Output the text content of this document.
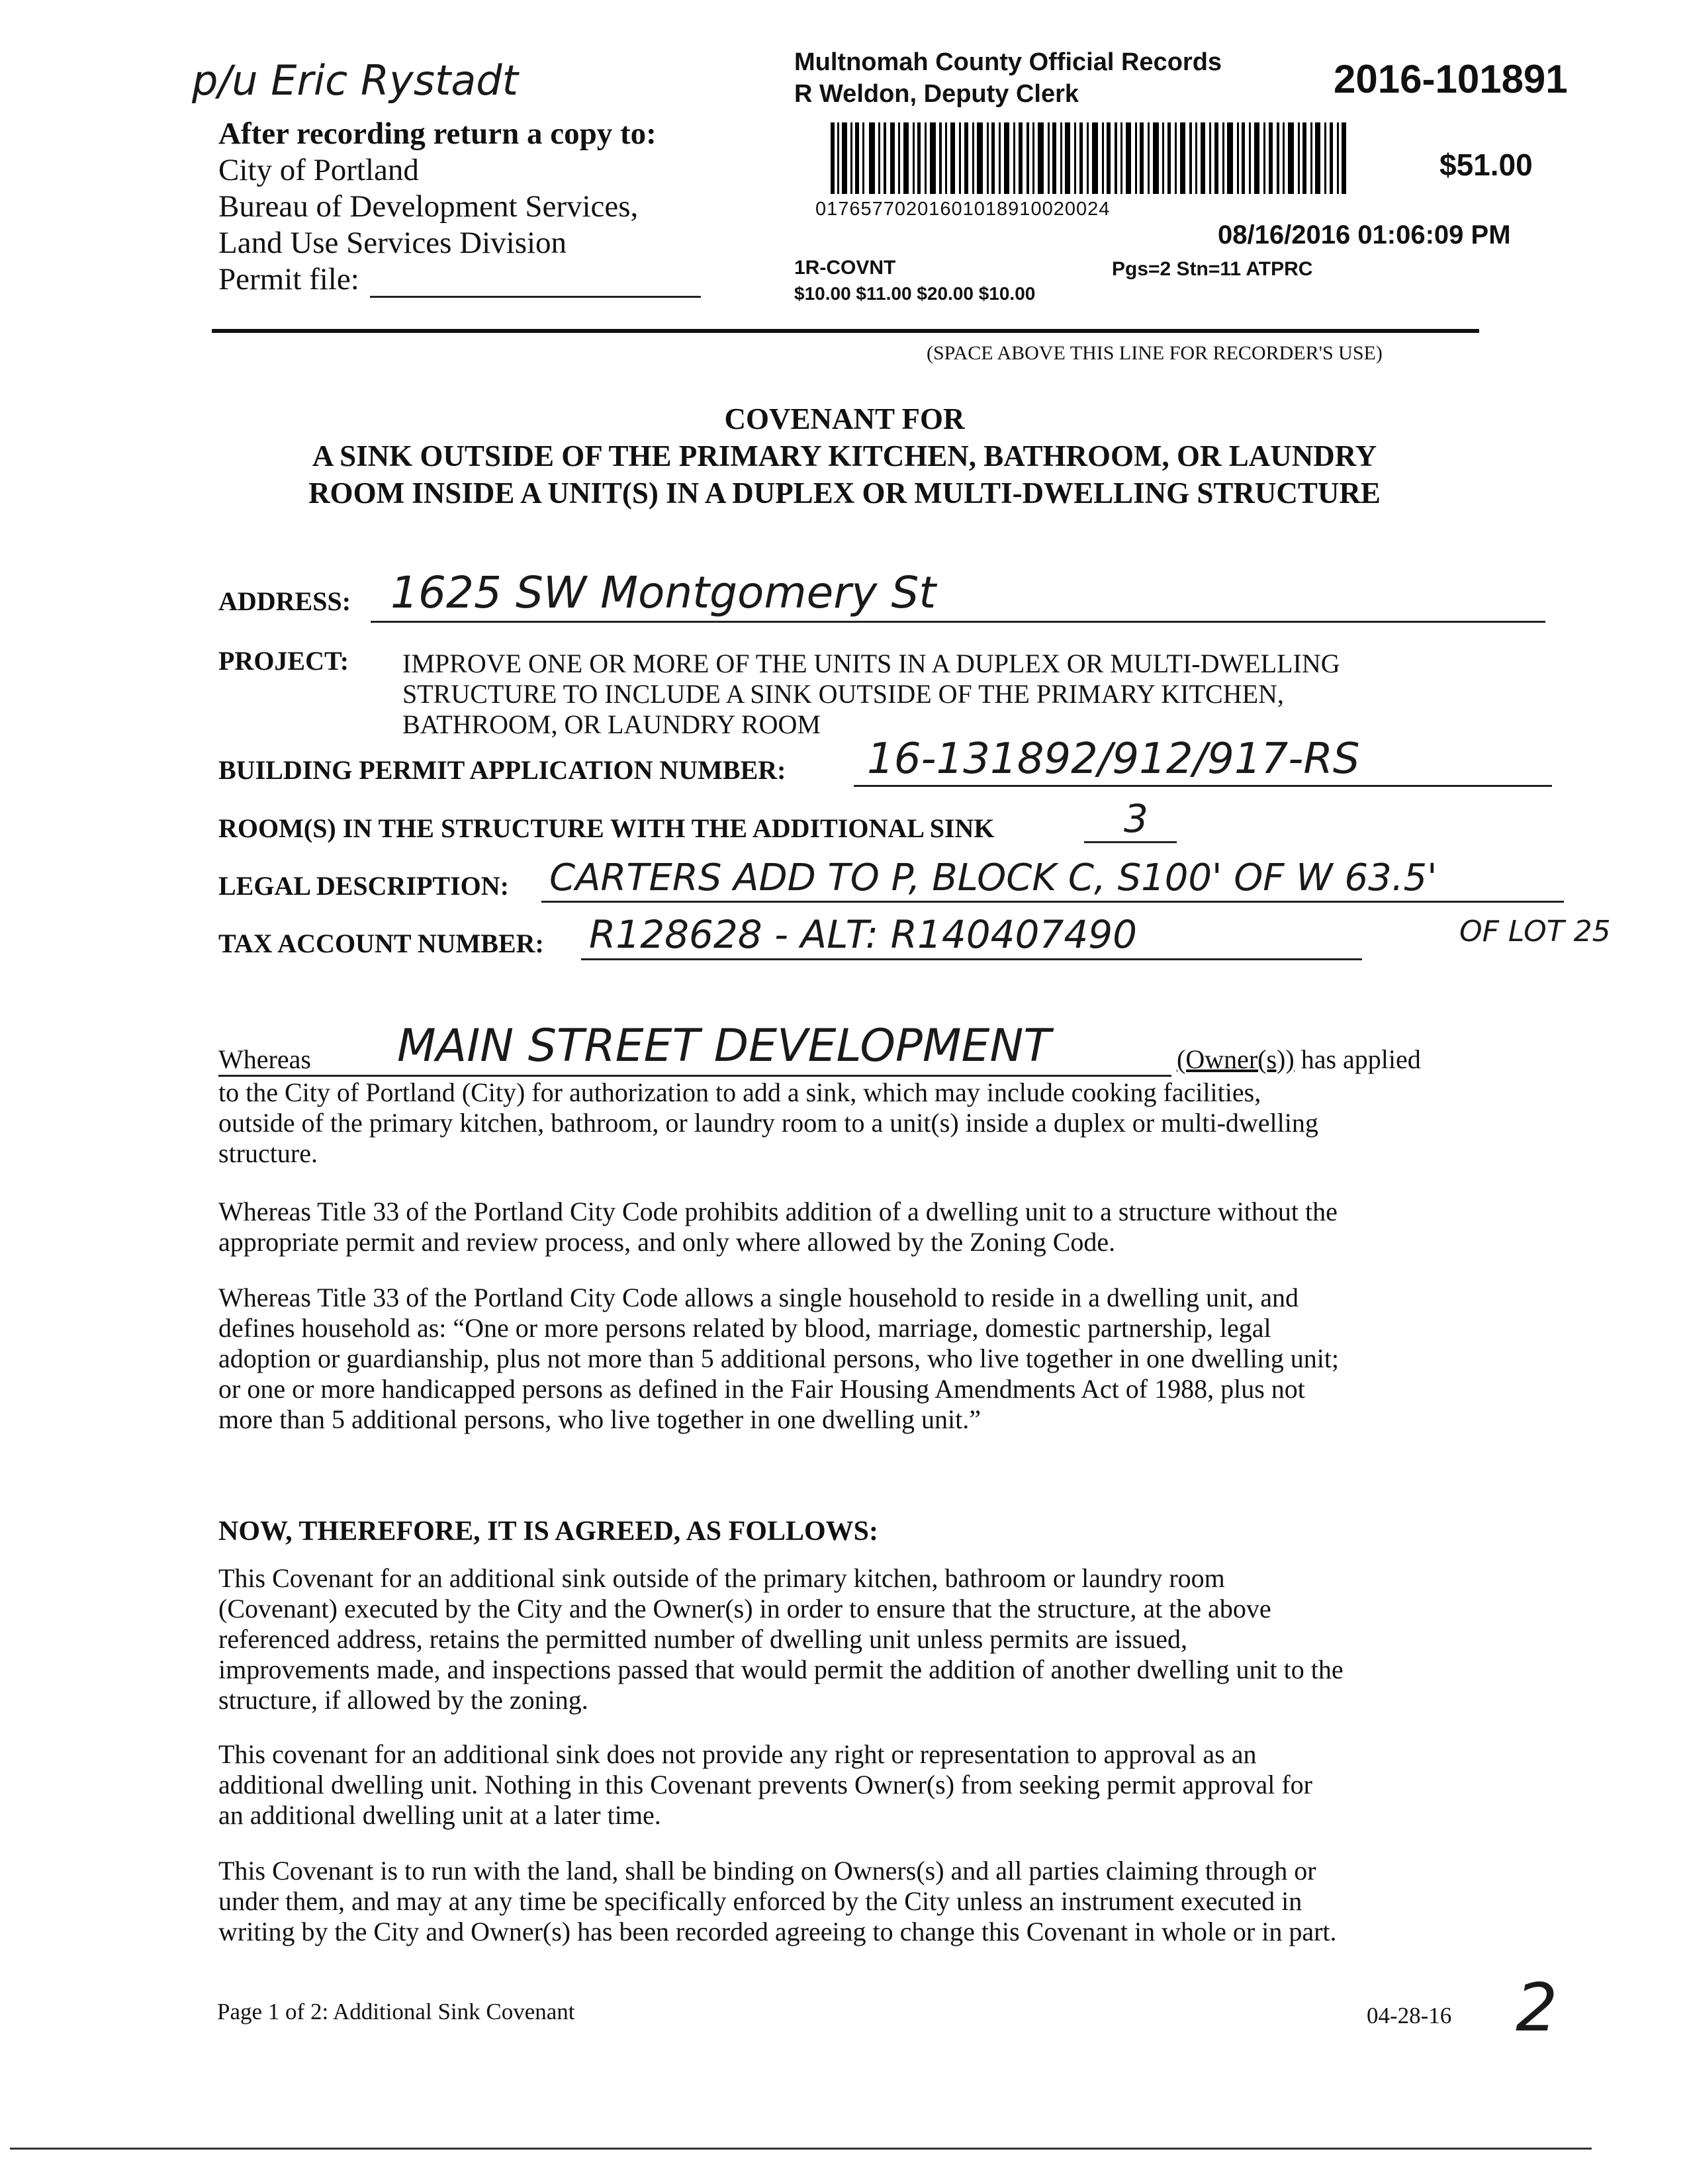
p/u Eric Rystadt
After recording return a copy to:
City of Portland
Bureau of Development Services,
Land Use Services Division
Permit file:
Multnomah County Official Records
R Weldon, Deputy Clerk	2016-101891
$51.00
01765770201601018910020024
08/16/2016 01:06:09 PM
1R-COVNT	Pgs=2 Stn=11 ATPRC
$10.00 $11.00 $20.00 $10.00
(SPACE ABOVE THIS LINE FOR RECORDER'S USE)
COVENANT FOR
A SINK OUTSIDE OF THE PRIMARY KITCHEN, BATHROOM, OR LAUNDRY
ROOM INSIDE A UNIT(S) IN A DUPLEX OR MULTI-DWELLING STRUCTURE
ADDRESS: 1625 SW Montgomery St
PROJECT: IMPROVE ONE OR MORE OF THE UNITS IN A DUPLEX OR MULTI-DWELLING
STRUCTURE TO INCLUDE A SINK OUTSIDE OF THE PRIMARY KITCHEN,
BATHROOM, OR LAUNDRY ROOM
BUILDING PERMIT APPLICATION NUMBER: 16-131892/912/917-RS
ROOM(S) IN THE STRUCTURE WITH THE ADDITIONAL SINK	3
LEGAL DESCRIPTION: CARTERS ADD TO P, BLOCK C, S100' OF W 63.5'
OF LOT 25
TAX ACCOUNT NUMBER: R128628 - ALT: R140407490
Whereas MAIN STREET DEVELOPMENT	(Owner(s)) has applied
to the City of Portland (City) for authorization to add a sink, which may include cooking facilities,
outside of the primary kitchen, bathroom, or laundry room to a unit(s) inside a duplex or multi-dwelling
structure.
Whereas Title 33 of the Portland City Code prohibits addition of a dwelling unit to a structure without the
appropriate permit and review process, and only where allowed by the Zoning Code.
Whereas Title 33 of the Portland City Code allows a single household to reside in a dwelling unit, and
defines household as: “One or more persons related by blood, marriage, domestic partnership, legal
adoption or guardianship, plus not more than 5 additional persons, who live together in one dwelling unit;
or one or more handicapped persons as defined in the Fair Housing Amendments Act of 1988, plus not
more than 5 additional persons, who live together in one dwelling unit.”
NOW, THEREFORE, IT IS AGREED, AS FOLLOWS:
This Covenant for an additional sink outside of the primary kitchen, bathroom or laundry room
(Covenant) executed by the City and the Owner(s) in order to ensure that the structure, at the above
referenced address, retains the permitted number of dwelling unit unless permits are issued,
improvements made, and inspections passed that would permit the addition of another dwelling unit to the
structure, if allowed by the zoning.
This covenant for an additional sink does not provide any right or representation to approval as an
additional dwelling unit. Nothing in this Covenant prevents Owner(s) from seeking permit approval for
an additional dwelling unit at a later time.
This Covenant is to run with the land, shall be binding on Owners(s) and all parties claiming through or
under them, and may at any time be specifically enforced by the City unless an instrument executed in
writing by the City and Owner(s) has been recorded agreeing to change this Covenant in whole or in part.
Page 1 of 2: Additional Sink Covenant	04-28-16 2
